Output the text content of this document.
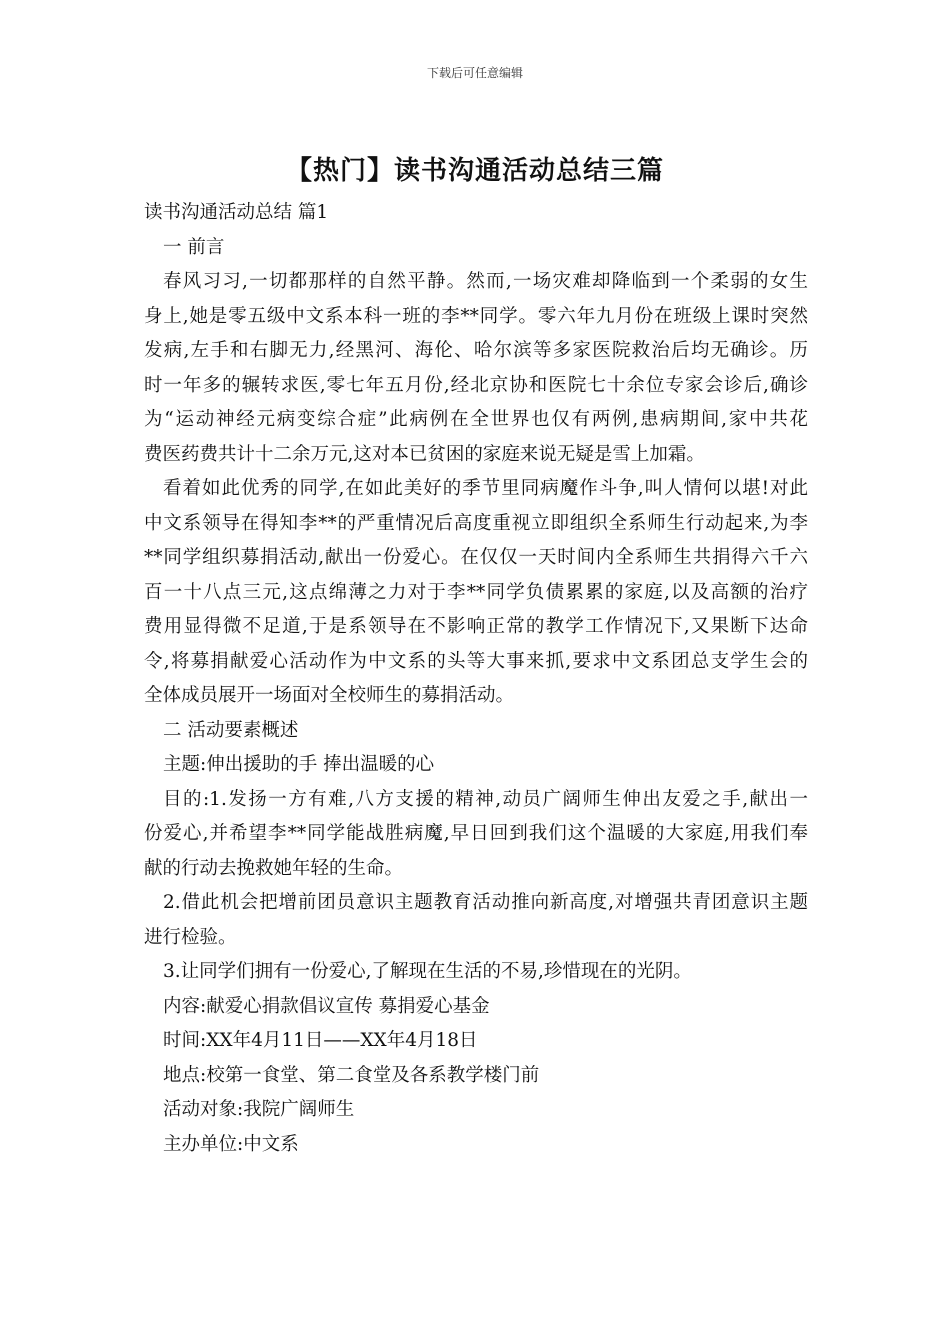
下载后可任意编辑
【热门】读书沟通活动总结三篇
读书沟通活动总结 篇1
一 前言
春风习习,一切都那样的自然平静。然而,一场灾难却降临到一个柔弱的女生
身上,她是零五级中文系本科一班的李**同学。零六年九月份在班级上课时突然
发病,左手和右脚无力,经黑河、海伦、哈尔滨等多家医院救治后均无确诊。历
时一年多的辗转求医,零七年五月份,经北京协和医院七十余位专家会诊后,确诊
为“运动神经元病变综合症”此病例在全世界也仅有两例,患病期间,家中共花
费医药费共计十二余万元,这对本已贫困的家庭来说无疑是雪上加霜。
看着如此优秀的同学,在如此美好的季节里同病魔作斗争,叫人情何以堪!对此
中文系领导在得知李**的严重情况后高度重视立即组织全系师生行动起来,为李
**同学组织募捐活动,献出一份爱心。在仅仅一天时间内全系师生共捐得六千六
百一十八点三元,这点绵薄之力对于李**同学负债累累的家庭,以及高额的治疗
费用显得微不足道,于是系领导在不影响正常的教学工作情况下,又果断下达命
令,将募捐献爱心活动作为中文系的头等大事来抓,要求中文系团总支学生会的
全体成员展开一场面对全校师生的募捐活动。
二 活动要素概述
主题:伸出援助的手 捧出温暖的心
目的:1.发扬一方有难,八方支援的精神,动员广阔师生伸出友爱之手,献出一
份爱心,并希望李**同学能战胜病魔,早日回到我们这个温暖的大家庭,用我们奉
献的行动去挽救她年轻的生命。
2.借此机会把增前团员意识主题教育活动推向新高度,对增强共青团意识主题
进行检验。
3.让同学们拥有一份爱心,了解现在生活的不易,珍惜现在的光阴。
内容:献爱心捐款倡议宣传 募捐爱心基金
时间:XX年4月11日——XX年4月18日
地点:校第一食堂、第二食堂及各系教学楼门前
活动对象:我院广阔师生
主办单位:中文系
